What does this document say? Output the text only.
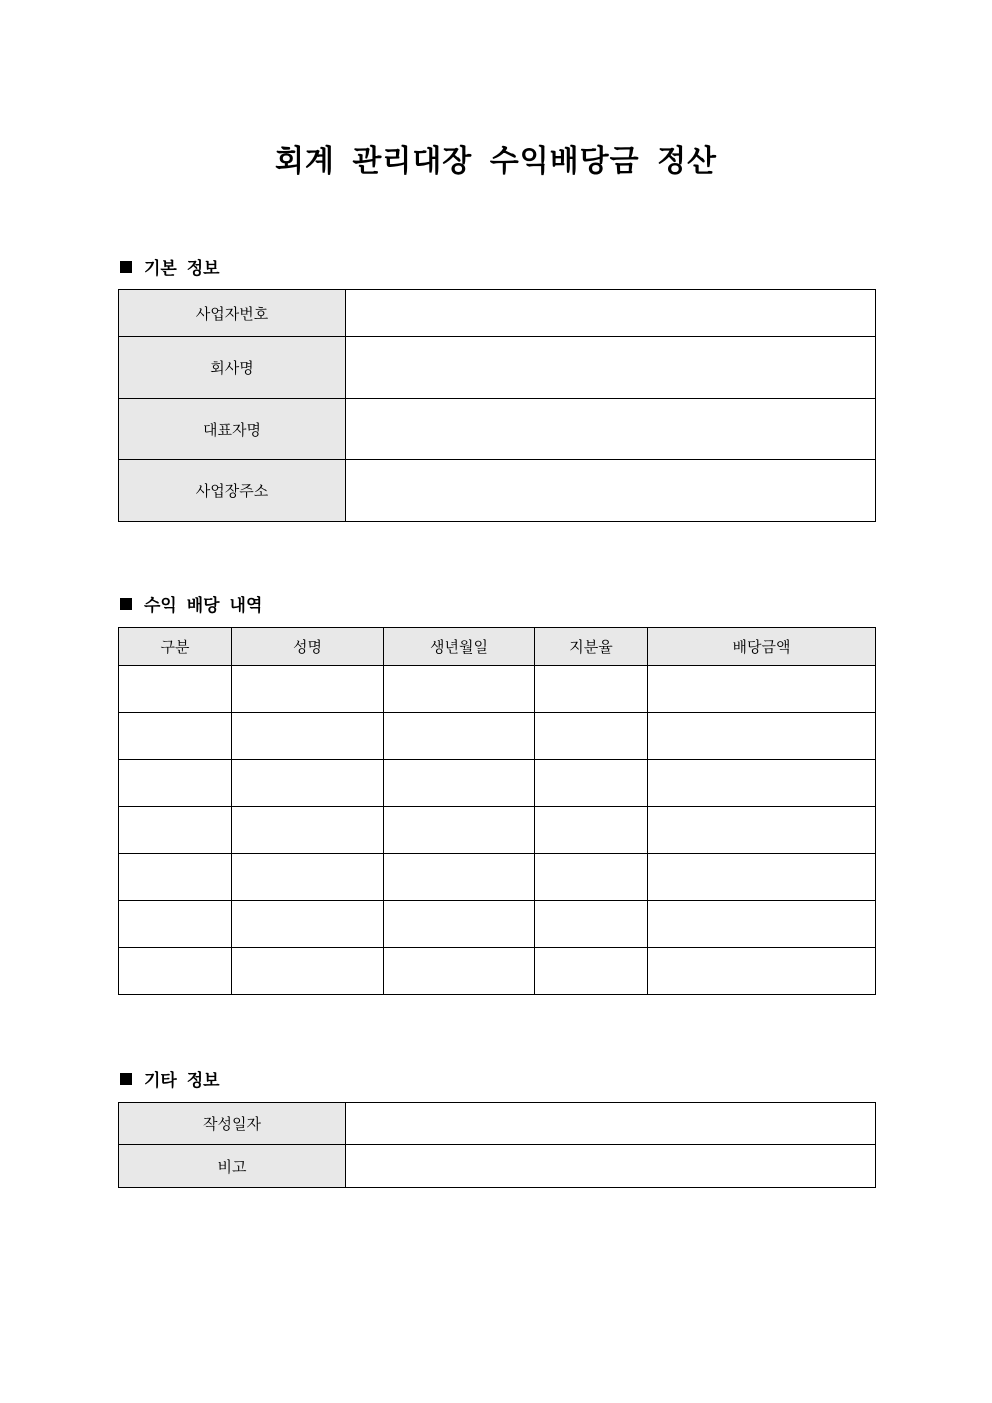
회계 관리대장 수익배당금 정산
기본 정보
사업자번호	
회사명	
대표자명	
사업장주소	
수익 배당 내역
구분	성명	생년월일	지분율	배당금액

기타 정보
작성일자	
비고	
